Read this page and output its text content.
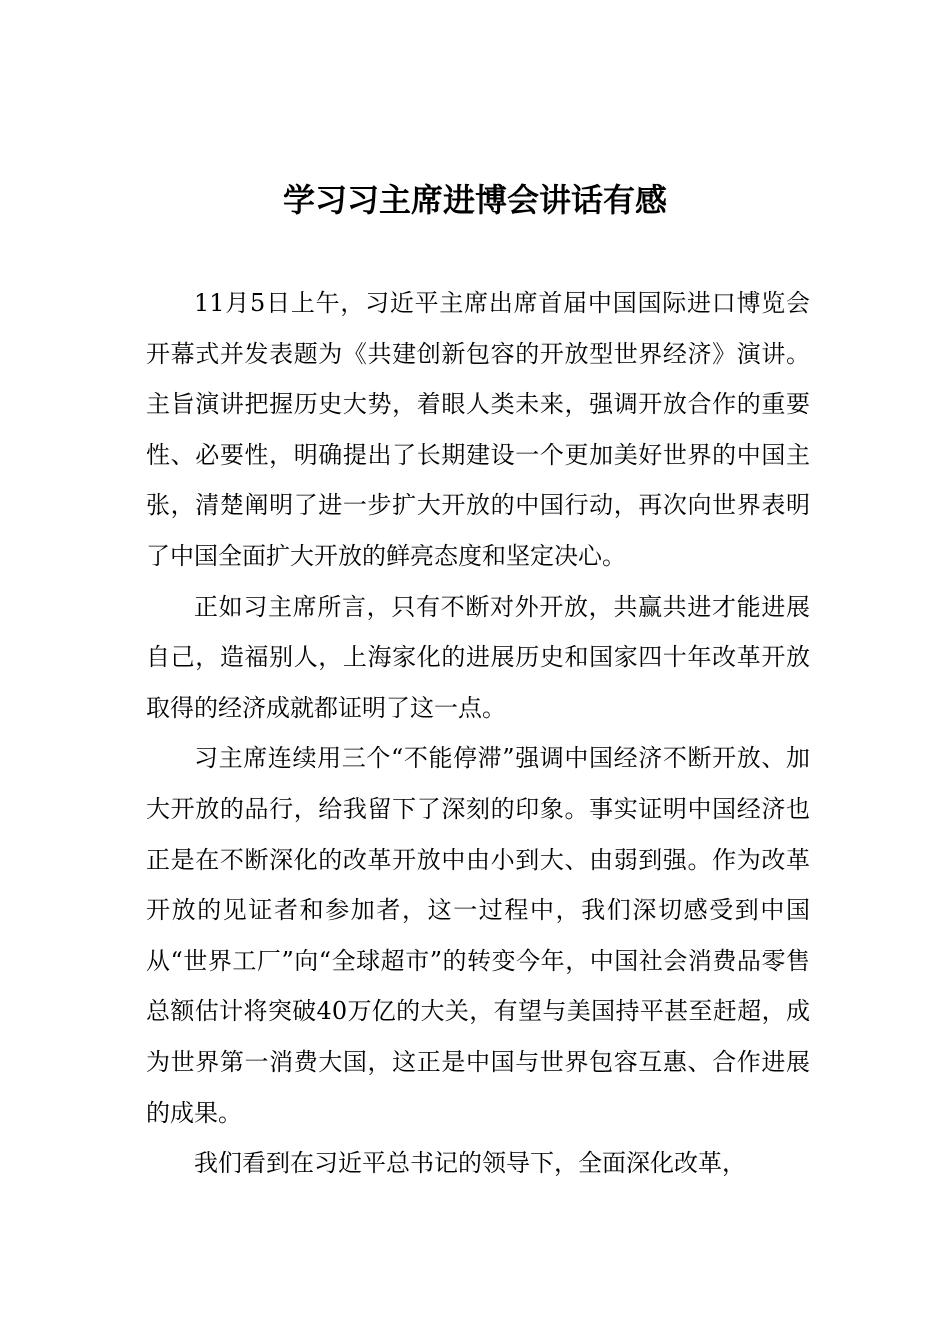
学习习主席进博会讲话有感

11月5日上午，习近平主席出席首届中国国际进口博览会开幕式并发表题为《共建创新包容的开放型世界经济》演讲。主旨演讲把握历史大势，着眼人类未来，强调开放合作的重要性、必要性，明确提出了长期建设一个更加美好世界的中国主张，清楚阐明了进一步扩大开放的中国行动，再次向世界表明了中国全面扩大开放的鲜亮态度和坚定决心。

正如习主席所言，只有不断对外开放，共赢共进才能进展自己，造福别人，上海家化的进展历史和国家四十年改革开放取得的经济成就都证明了这一点。

习主席连续用三个“不能停滞”强调中国经济不断开放、加大开放的品行，给我留下了深刻的印象。事实证明中国经济也正是在不断深化的改革开放中由小到大、由弱到强。作为改革开放的见证者和参加者，这一过程中，我们深切感受到中国从“世界工厂”向“全球超市”的转变今年，中国社会消费品零售总额估计将突破40万亿的大关，有望与美国持平甚至赶超，成为世界第一消费大国，这正是中国与世界包容互惠、合作进展的成果。

我们看到在习近平总书记的领导下，全面深化改革，
